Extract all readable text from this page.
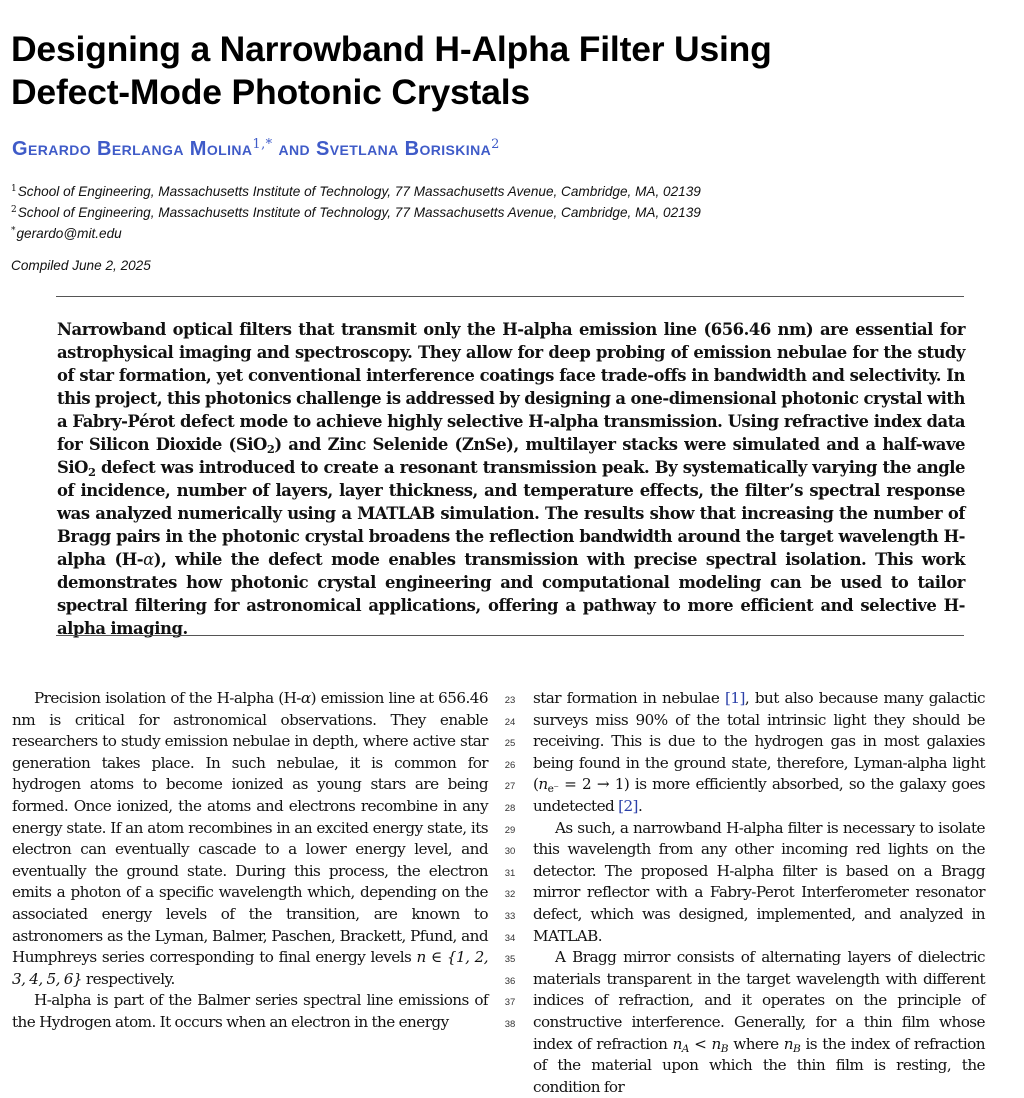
Designing a Narrowband H-Alpha Filter Using
Defect-Mode Photonic Crystals
Gerardo Berlanga Molina$^{1,*}$ and Svetlana Boriskina$^2$
$^1$School of Engineering, Massachusetts Institute of Technology, 77 Massachusetts Avenue, Cambridge, MA, 02139
$^2$School of Engineering, Massachusetts Institute of Technology, 77 Massachusetts Avenue, Cambridge, MA, 02139
*gerardo@mit.edu
Compiled June 2, 2025
Narrowband optical filters that transmit only the H-alpha emission line (656.46 nm) are essential for astrophysical imaging and spectroscopy. They allow for deep probing of emission nebulae for the study of star formation, yet conventional interference coatings face trade-offs in bandwidth and selectivity. In this project, this photonics challenge is addressed by designing a one-dimensional photonic crystal with a Fabry-Pérot defect mode to achieve highly selective H-alpha transmission. Using refractive index data for Silicon Dioxide (SiO$_2$) and Zinc Selenide (ZnSe), multilayer stacks were simulated and a half-wave SiO$_2$ defect was introduced to create a resonant transmission peak. By systematically varying the angle of incidence, number of layers, layer thickness, and temperature effects, the filter’s spectral response was analyzed numerically using a MATLAB simulation. The results show that increasing the number of Bragg pairs in the photonic crystal broadens the reflection bandwidth around the target wavelength H-alpha (H-α), while the defect mode enables transmission with precise spectral isolation. This work demonstrates how photonic crystal engineering and computational modeling can be used to tailor spectral filtering for astronomical applications, offering a pathway to more efficient and selective H-alpha imaging.

Precision isolation of the H-alpha (H-α) emission line at 656.46 nm is critical for astronomical observations. They enable researchers to study emission nebulae in depth, where active star generation takes place. In such nebulae, it is common for hydrogen atoms to become ionized as young stars are being formed. Once ionized, the atoms and electrons recombine in any energy state. If an atom recombines in an excited energy state, its electron can eventually cascade to a lower energy level, and eventually the ground state. During this process, the electron emits a photon of a specific wavelength which, depending on the associated energy levels of the transition, are known to astronomers as the Lyman, Balmer, Paschen, Brackett, Pfund, and Humphreys series corresponding to final energy levels n ∈ {1, 2, 3, 4, 5, 6} respectively.

H-alpha is part of the Balmer series spectral line emissions of the Hydrogen atom. It occurs when an electron in the energy

23
24
25
26
27
28
29
30
31
32
33
34
35
36
37
38

star formation in nebulae [1], but also because many galactic surveys miss 90% of the total intrinsic light they should be receiving. This is due to the hydrogen gas in most galaxies being found in the ground state, therefore, Lyman-alpha light $(n_{e^-} = 2 \to 1)$ is more efficiently absorbed, so the galaxy goes undetected [2].

As such, a narrowband H-alpha filter is necessary to isolate this wavelength from any other incoming red lights on the detector. The proposed H-alpha filter is based on a Bragg mirror reflector with a Fabry-Perot Interferometer resonator defect, which was designed, implemented, and analyzed in MATLAB.

A Bragg mirror consists of alternating layers of dielectric materials transparent in the target wavelength with different indices of refraction, and it operates on the principle of constructive interference. Generally, for a thin film whose index of refraction $n_A < n_B$ where $n_B$ is the index of refraction of the material upon which the thin film is resting, the condition for
